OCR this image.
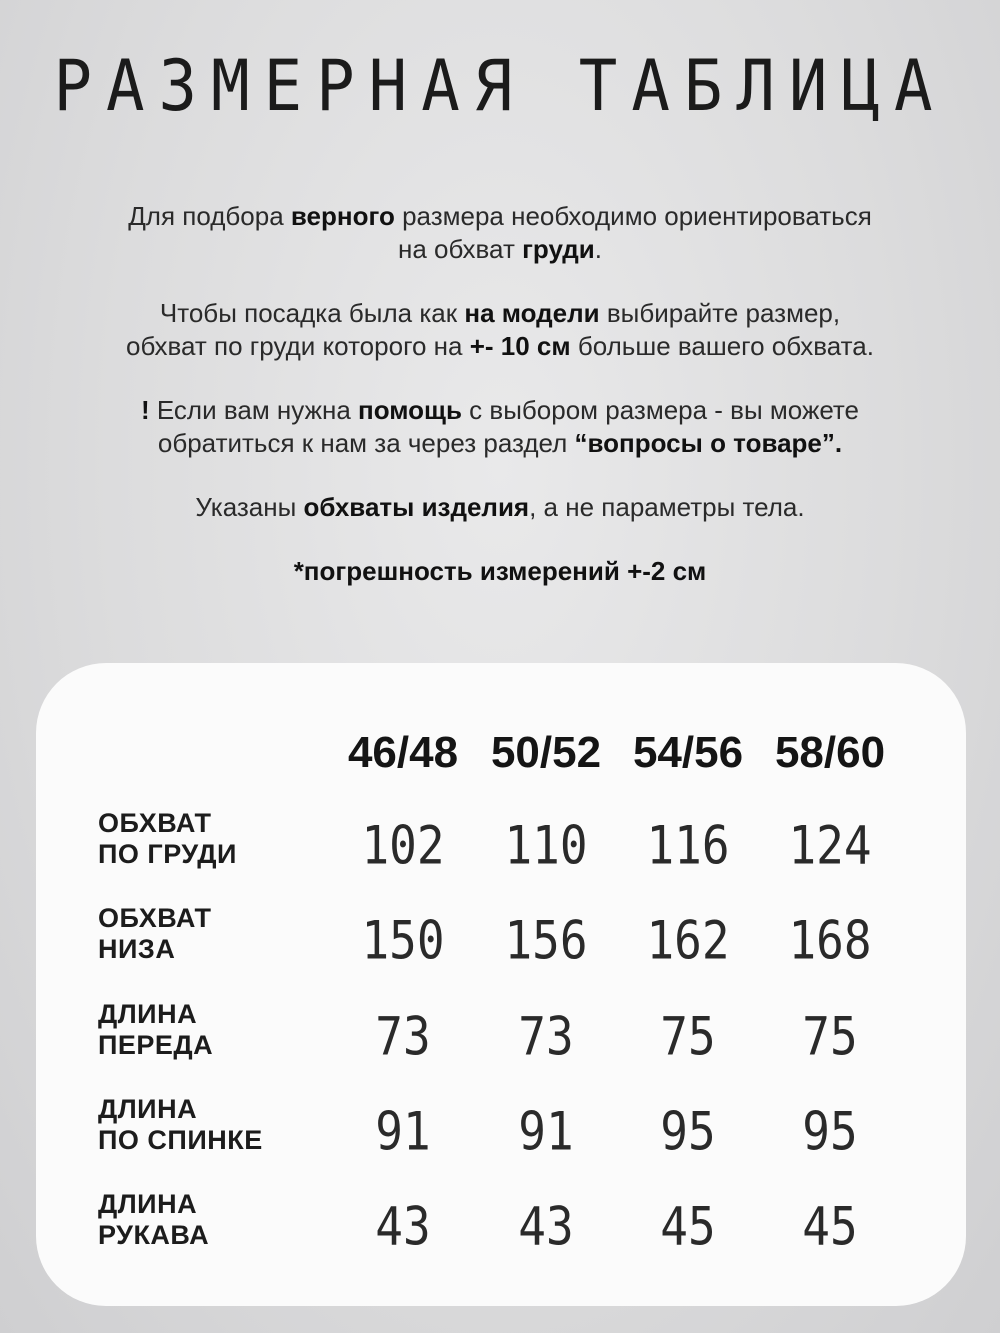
РАЗМЕРНАЯ ТАБЛИЦА
Для подбора верного размера необходимо ориентироваться
на обхват груди.
Чтобы посадка была как на модели выбирайте размер,
обхват по груди которого на +- 10 см больше вашего обхвата.
! Если вам нужна помощь с выбором размера - вы можете
обратиться к нам за через раздел “вопросы о товаре”.
Указаны обхваты изделия, а не параметры тела.
*погрешность измерений +-2 см
46/48 50/52 54/56 58/60
ОБХВАТ
ПО ГРУДИ	102	110	116	124
ОБХВАТ
НИЗА	150	156	162	168
ДЛИНА
ПЕРЕДА	73	73	75	75
ДЛИНА
ПО СПИНКЕ	91	91	95	95
ДЛИНА
РУКАВА	43	43	45	45
